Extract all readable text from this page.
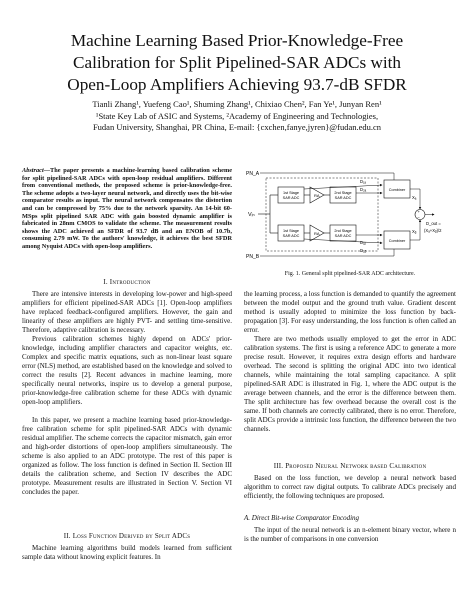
Machine Learning Based Prior-Knowledge-Free
Calibration for Split Pipelined-SAR ADCs with
Open-Loop Amplifiers Achieving 93.7-dB SFDR
Tianli Zhang¹, Yuefeng Cao¹, Shuming Zhang¹, Chixiao Chen², Fan Ye¹, Junyan Ren¹
¹State Key Lab of ASIC and Systems, ²Academy of Engineering and Technologies,
Fudan University, Shanghai, PR China, E-mail: {cxchen,fanye,jyren}@fudan.edu.cn
Abstract—The paper presents a machine-learning based calibration scheme for split pipelined-SAR ADCs with open-loop residual amplifiers. Different from conventional methods, the proposed scheme is prior-knowledge-free. The scheme adopts a two-layer neural network, and directly uses the bit-wise comparator results as input. The neural network compensates the distortion and can be compressed by 75% due to the network sparsity. An 14-bit 60-MSps split pipelined SAR ADC with gain boosted dynamic amplifier is fabricated in 28nm CMOS to validate the scheme. The measurement results shows the ADC achieved an SFDR of 93.7 dB and an ENOB of 10.7b, consuming 2.79 mW. To the authors' knowledge, it achieves the best SFDR among Nyquist ADCs with open-loop amplifiers.
I. Introduction
There are intensive interests in developing low-power and high-speed amplifiers for efficient pipelined-SAR ADCs [1]. Open-loop amplifiers have replaced feedback-configured amplifiers. However, the gain and linearity of these amplifiers are highly PVT- and settling time-sensitive. Therefore, adaptive calibration is necessary.
Previous calibration schemes highly depend on ADCs' prior-knowledge, including amplifier characters and capacitor weights, etc. Complex and specific matrix equations, such as non-linear least square error (NLS) method, are established based on the knowledge and solved to correct the results [2]. Recent advances in machine learning, more specifically neural networks, inspire us to develop a general purpose, prior-knowledge-free calibration scheme for these ADCs with dynamic open-loop amplifiers.
In this paper, we present a machine learning based prior-knowledge-free calibration scheme for split pipelined-SAR ADCs with dynamic residual amplifier. The scheme corrects the capacitor mismatch, gain error and high-order distortions of open-loop amplifiers simultaneously. The scheme is also applied to an ADC prototype. The rest of this paper is organized as follow. The loss function is defined in Section II. Section III details the calibration scheme, and Section IV describes the ADC prototype. Measurement results are illustrated in Section V. Section VI concludes the paper.
II. Loss Function Derived by Split ADCs
Machine learning algorithms build models learned from sufficient sample data without knowing explicit features. In
PN_A
PN_B
Vᵢₙ
1st Stage
SAR ADC	RA	2nd Stage
SAR ADC
1st Stage
SAR ADC	RA	2nd Stage
SAR ADC
D₁ₐ
D₂ₐ
D₁ᵦ
D₂ᵦ
Combiner
Combiner
Xₐ
Xᵦ
+
−
D_out =
(Xₐ+Xᵦ)/2
Fig. 1. General split pipelined-SAR ADC architecture.
the learning process, a loss function is demanded to quantify the agreement between the model output and the ground truth value. Gradient descent method is usually adopted to minimize the loss function by back-propagation [3]. For easy understanding, the loss function is often called an error.
There are two methods usually employed to get the error in ADC calibration systems. The first is using a reference ADC to generate a more precise result. However, it requires extra design efforts and hardware overhead. The second is splitting the original ADC into two identical channels, while maintaining the total sampling capacitance. A split pipelined-SAR ADC is illustrated in Fig. 1, where the ADC output is the average between channels, and the error is the difference between them. The split architecture has few overhead because the overall cost is the same. If both channels are correctly calibrated, there is no error. Therefore, split ADCs provide a intrinsic loss function, the difference between the two channels.
III. Proposed Neural Network based Calibration
Based on the loss function, we develop a neural network based algorithm to correct raw digital outputs. To calibrate ADCs precisely and efficiently, the following techniques are proposed.
A. Direct Bit-wise Comparator Encoding
The input of the neural network is an n-element binary vector, where n is the number of comparisons in one conversion
